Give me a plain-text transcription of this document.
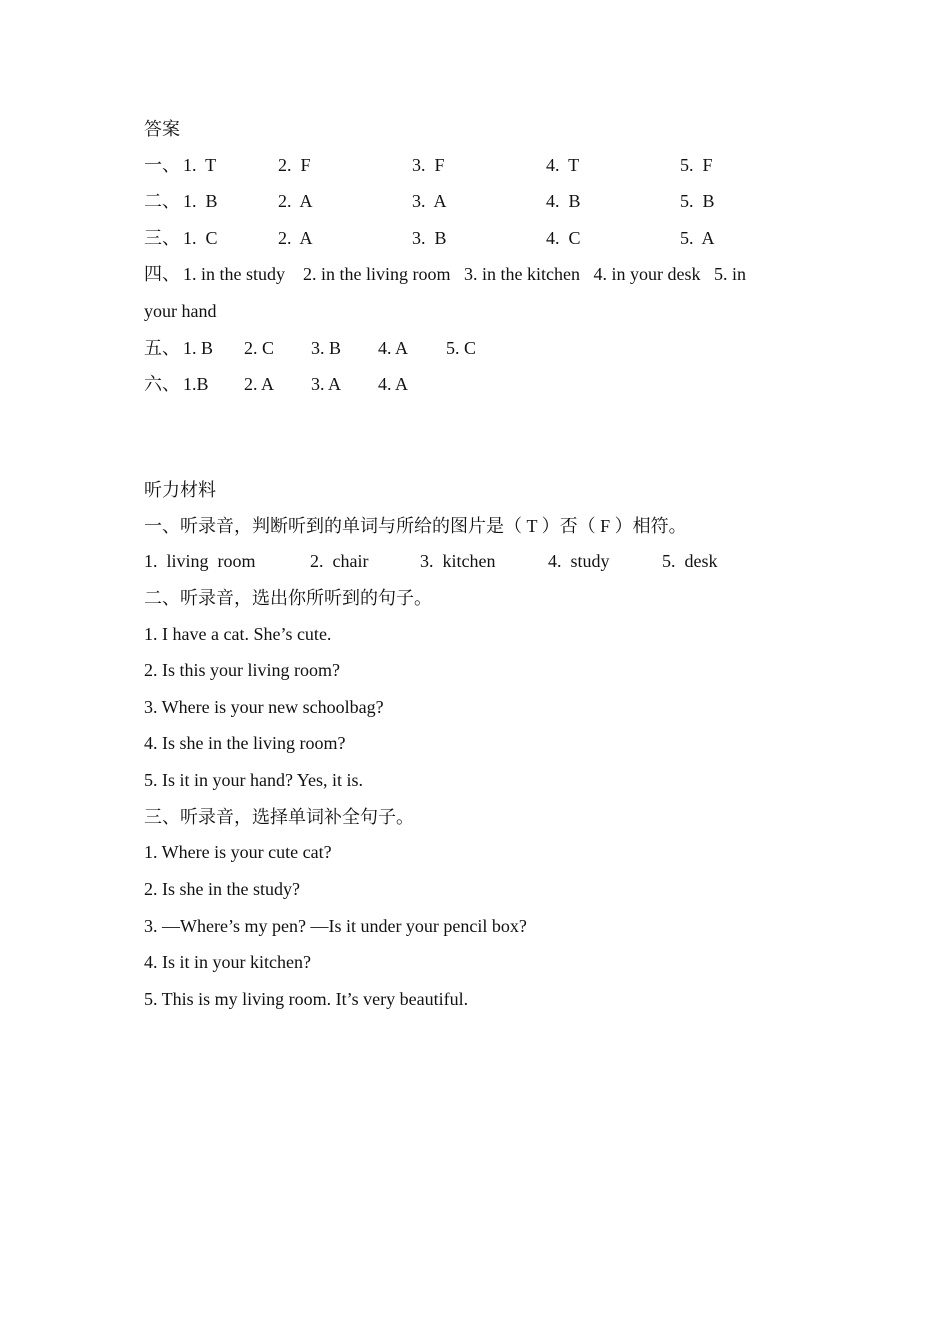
答案
一、 1.  T	2.  F	3.  F	4.  T	5.  F
二、 1.  B	2.  A	3.  A	4.  B	5.  B
三、 1.  C	2.  A	3.  B	4.  C	5.  A
四、 1. in the study    2. in the living room   3. in the kitchen   4. in your desk   5. in
your hand
五、 1. B 2. C 3. B 4. A 5. C
六、 1.B 2. A 3. A 4. A
听力材料
一、听录音，判断听到的单词与所给的图片是（ T ）否（ F ）相符。
1.  living  room	2.  chair	3.  kitchen	4.  study	5.  desk
二、听录音，选出你所听到的句子。
1. I have a cat. She’s cute.
2. Is this your living room?
3. Where is your new schoolbag?
4. Is she in the living room?
5. Is it in your hand? Yes, it is.
三、听录音，选择单词补全句子。
1. Where is your cute cat?
2. Is she in the study?
3. —Where’s my pen? —Is it under your pencil box?
4. Is it in your kitchen?
5. This is my living room. It’s very beautiful.
